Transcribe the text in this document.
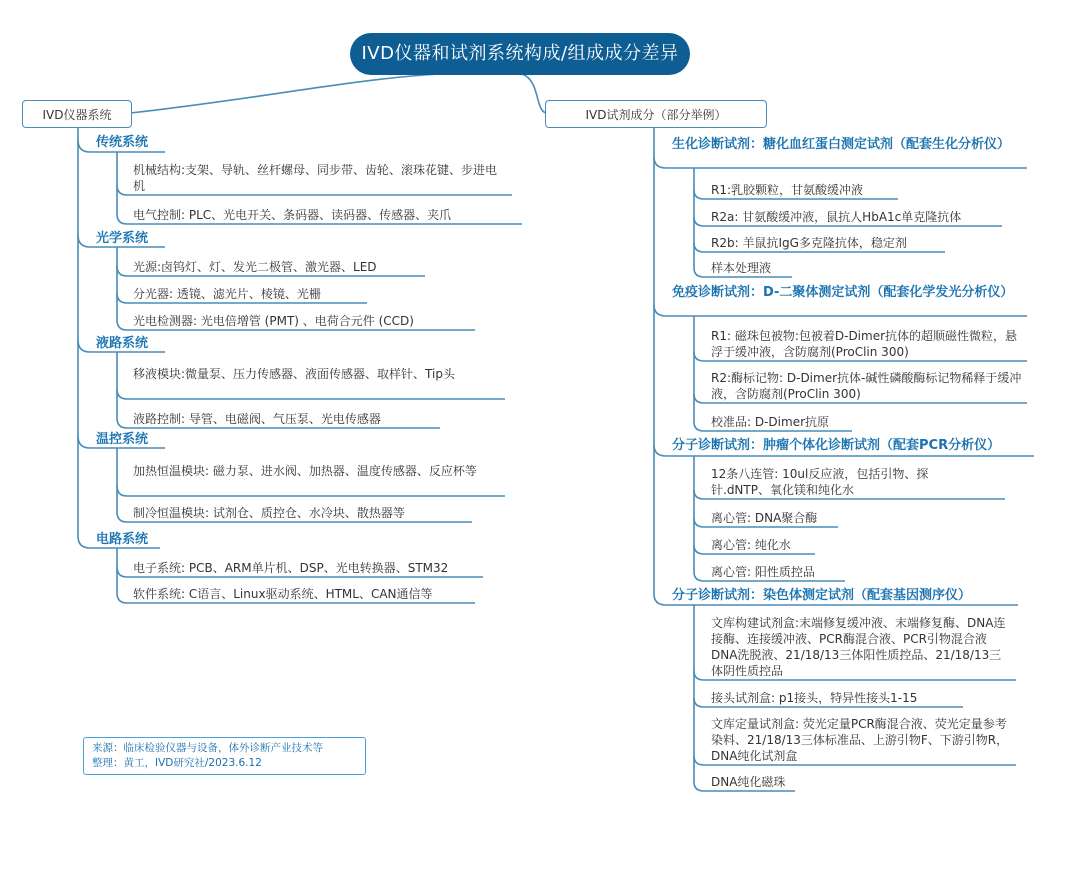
IVD仪器和试剂系统构成/组成成分差异
IVD仪器系统	IVD试剂成分（部分举例）
传统系统
机械结构:支架、导轨、丝杆螺母、同步带、齿轮、滚珠花键、步进电机
电气控制: PLC、光电开关、条码器、读码器、传感器、夹爪
光学系统
光源:卤钨灯、灯、发光二极管、激光器、LED
分光器: 透镜、滤光片、棱镜、光栅
光电检测器: 光电倍增管 (PMT) 、电荷合元件 (CCD)
液路系统
移液模块:微量泵、压力传感器、液面传感器、取样针、Tip头
液路控制: 导管、电磁阀、气压泵、光电传感器
温控系统
加热恒温模块: 磁力泵、进水阀、加热器、温度传感器、反应杯等
制冷恒温模块: 试剂仓、质控仓、水冷块、散热器等
电路系统
电子系统: PCB、ARM单片机、DSP、光电转换器、STM32
软件系统: C语言、Linux驱动系统、HTML、CAN通信等
生化诊断试剂：糖化血红蛋白测定试剂（配套生化分析仪）
R1:乳胶颗粒，甘氨酸缓冲液
R2a: 甘氨酸缓冲液，鼠抗人HbA1c单克隆抗体
R2b: 羊鼠抗IgG多克隆抗体，稳定剂
样本处理液
免疫诊断试剂：D-二聚体测定试剂（配套化学发光分析仪）
R1: 磁珠包被物:包被着D-Dimer抗体的超顺磁性微粒，悬浮于缓冲液，含防腐剂(ProClin 300)
R2:酶标记物: D-Dimer抗体-碱性磷酸酶标记物稀释于缓冲液，含防腐剂(ProClin 300)
校准品: D-Dimer抗原
分子诊断试剂：肿瘤个体化诊断试剂（配套PCR分析仪）
12条八连管: 10ul反应液，包括引物、探针.dNTP、氧化镁和纯化水
离心管: DNA聚合酶
离心管: 纯化水
离心管: 阳性质控品
分子诊断试剂：染色体测定试剂（配套基因测序仪）
文库构建试剂盒:末端修复缓冲液、末端修复酶、DNA连接酶、连接缓冲液、PCR酶混合液、PCR引物混合液DNA洗脱液、21/18/13三体阳性质控品、21/18/13三体阴性质控品
接头试剂盒: p1接头，特异性接头1-15
文库定量试剂盒: 荧光定量PCR酶混合液、荧光定量参考染料、21/18/13三体标准品、上游引物F、下游引物R，DNA纯化试剂盒
DNA纯化磁珠
来源：临床检验仪器与设备，体外诊断产业技术等
整理：黄工，IVD研究社/2023.6.12
